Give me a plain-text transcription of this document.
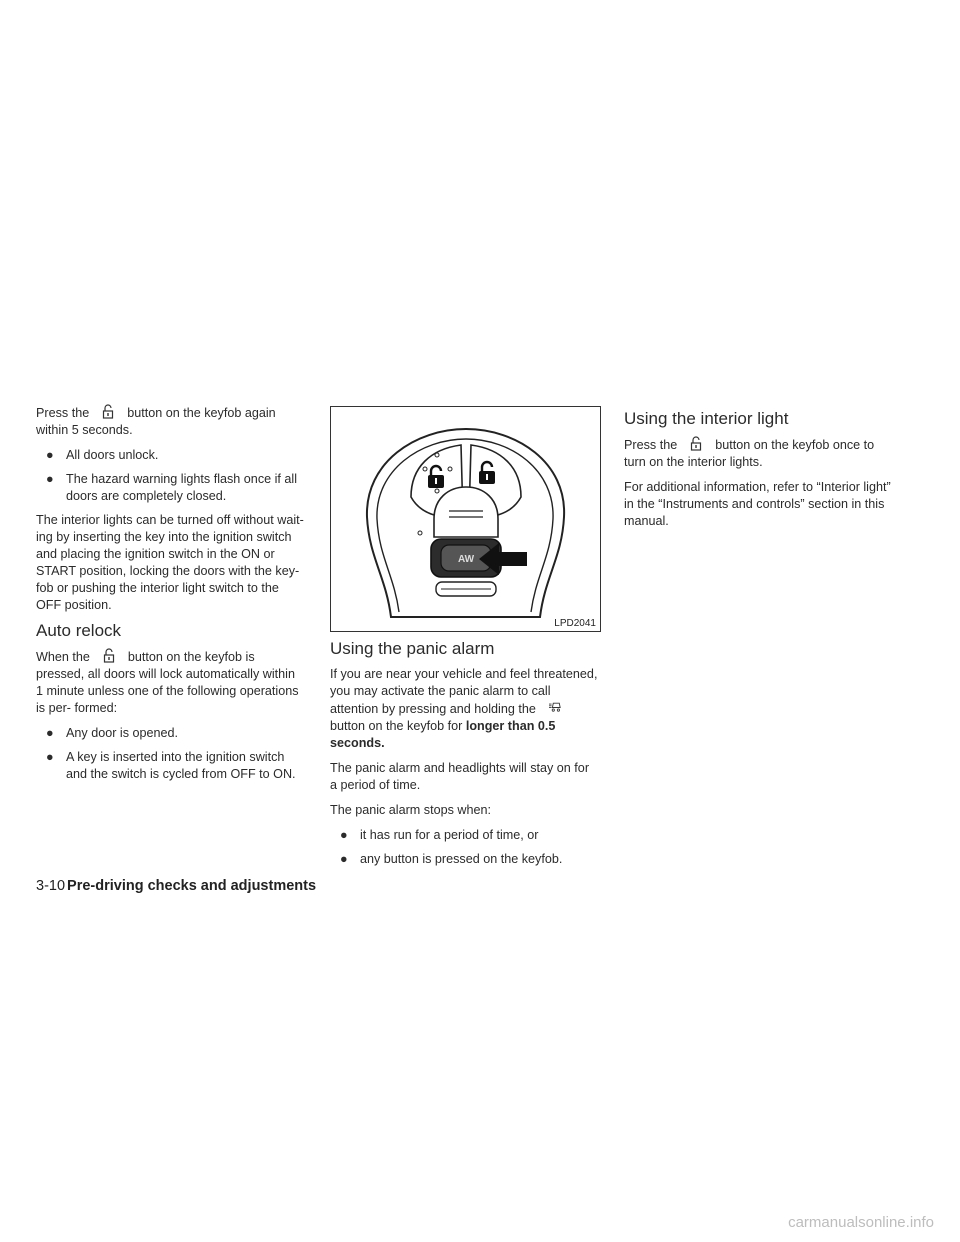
Press the	button on the keyfob again within 5 seconds.

● All doors unlock.
● The hazard warning lights flash once if all doors are completely closed.

The interior lights can be turned off without wait- ing by inserting the key into the ignition switch and placing the ignition switch in the ON or START position, locking the doors with the key- fob or pushing the interior light switch to the OFF position.

Auto relock

When the	button on the keyfob is pressed, all doors will lock automatically within 1 minute unless one of the following operations is per- formed:

● Any door is opened.
● A key is inserted into the ignition switch and the switch is cycled from OFF to ON.
AW
LPD2041
Using the panic alarm

If you are near your vehicle and feel threatened, you may activate the panic alarm to call attention by pressing and holding thebutton on the keyfob for longer than 0.5 seconds.

The panic alarm and headlights will stay on for a period of time.

The panic alarm stops when:

● it has run for a period of time, or
● any button is pressed on the keyfob.
Using the interior light

Press the	button on the keyfob once to turn on the interior lights.

For additional information, refer to “Interior light” in the “Instruments and controls” section in this manual.

3-10 Pre-driving checks and adjustments
carmanualsonline.info
